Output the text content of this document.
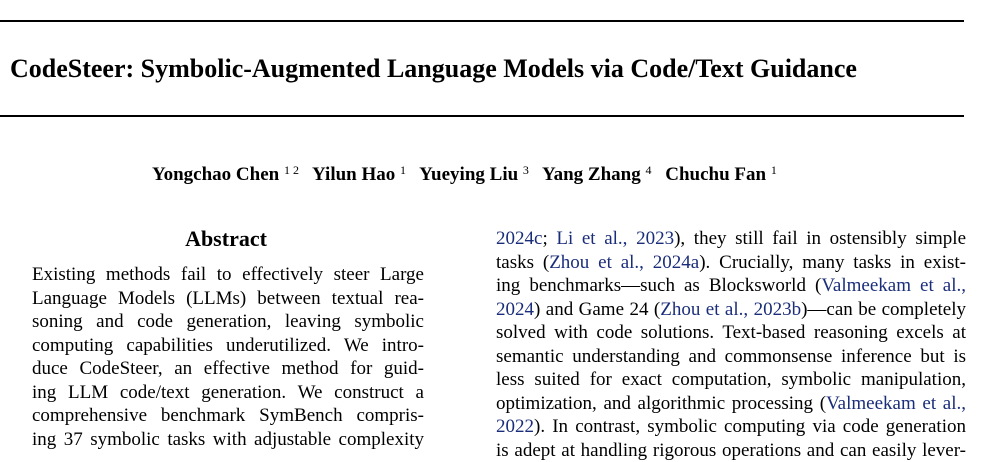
CodeSteer: Symbolic-Augmented Language Models via Code/Text Guidance
Yongchao Chen $^{1 2}$ Yilun Hao $^1$ Yueying Liu $^3$ Yang Zhang $^4$ Chuchu Fan $^1$
Abstract
Existing methods fail to effectively steer Large
Language Models (LLMs) between textual rea-
soning and code generation, leaving symbolic
computing capabilities underutilized. We intro-
duce CodeSteer, an effective method for guid-
ing LLM code/text generation. We construct a
comprehensive benchmark SymBench compris-
ing 37 symbolic tasks with adjustable complexity
2024c; Li et al., 2023), they still fail in ostensibly simple
tasks (Zhou et al., 2024a). Crucially, many tasks in exist-
ing benchmarks—such as Blocksworld (Valmeekam et al.,
2024) and Game 24 (Zhou et al., 2023b)—can be completely
solved with code solutions. Text-based reasoning excels at
semantic understanding and commonsense inference but is
less suited for exact computation, symbolic manipulation,
optimization, and algorithmic processing (Valmeekam et al.,
2022). In contrast, symbolic computing via code generation
is adept at handling rigorous operations and can easily lever-
